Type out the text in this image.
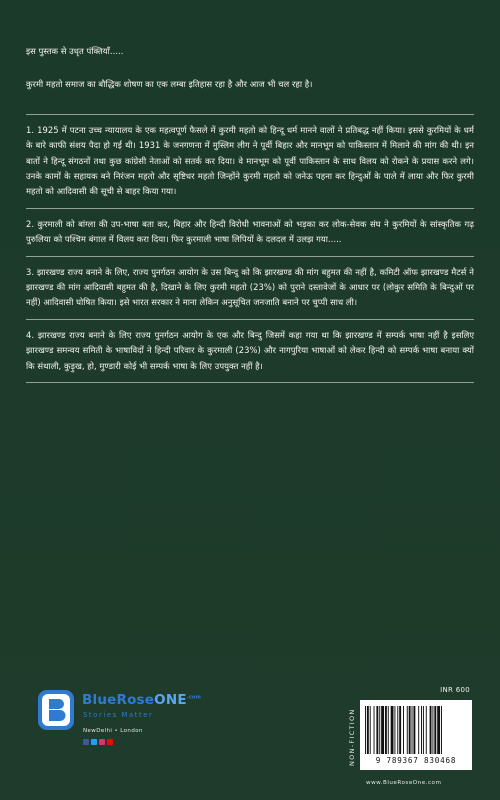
इस पुस्तक से उधृत पंक्तियाँ.....

कुरमी महतो समाज का बौद्धिक शोषण का एक लम्बा इतिहास रहा है और आज भी चल रहा है।

1. 1925 में पटना उच्च न्यायालय के एक महत्वपूर्ण फैसले में कुरमी महतो को हिन्दू धर्म मानने वालों ने प्रतिबद्ध नहीं किया। इससे कुरमियों के धर्म के बारे काफी संशय पैदा हो गई थी। 1931 के जनगणना में मुस्लिम लीग ने पूर्वी बिहार और मानभूम को पाकिस्तान में मिलाने की मांग की थी। इन बातों ने हिन्दू संगठनों तथा कुछ कांग्रेसी नेताओं को सतर्क कर दिया। वे मानभूम को पूर्वी पाकिस्तान के साथ विलय को रोकने के प्रयास करने लगे। उनके कामों के सहायक बने निरंजन महतो और सृष्टिधर महतो जिन्होंने कुरमी महतो को जनेऊ पहना कर हिन्दुओं के पाले में लाया और फिर कुरमी महतो को आदिवासी की सूची से बाहर किया गया।

2. कुरमाली को बांग्ला की उप-भाषा बता कर, बिहार और हिन्दी विरोधी भावनाओं को भड़का कर लोक-सेवक संघ ने कुरमियों के सांस्कृतिक गढ़ पुरुलिया को पश्चिम बंगाल में विलय करा दिया। फिर कुरमाली भाषा लिपियों के दलदल में उलझ गया.....

3. झारखण्ड राज्य बनाने के लिए, राज्य पुनर्गठन आयोग के उस बिन्दु को कि झारखण्ड की मांग बहुमत की नहीं है, कमिटी ऑफ झारखण्ड मैटर्स ने झारखण्ड की मांग आदिवासी बहुमत की है, दिखाने के लिए कुरमी महतो (23%) को पुराने दस्तावेजों के आधार पर (लोकुर समिति के बिन्दुओं पर नहीं) आदिवासी घोषित किया। इसे भारत सरकार ने माना लेकिन अनुसूचित जनजाति बनाने पर चुप्पी साध ली।

4. झारखण्ड राज्य बनाने के लिए राज्य पुनर्गठन आयोग के एक और बिन्दु जिसमें कहा गया था कि झारखण्ड में सम्पर्क भाषा नहीं है इसलिए झारखण्ड समन्वय समिती के भाषाविदों ने हिन्दी परिवार के कुरमाली (23%) और नागपुरिया भाषाओं को लेकर हिन्दी को सम्पर्क भाषा बनाया क्यों कि संथाली, कुड़ुख, हो, मुण्डारी कोई भी सम्पर्क भाषा के लिए उपयुक्त नहीं है।

BlueRoseONE$^{.com}$
Stories Matter
NewDelhi • London
INR 600
NON-FICTION	9 789367 830468
www.BlueRoseOne.com
